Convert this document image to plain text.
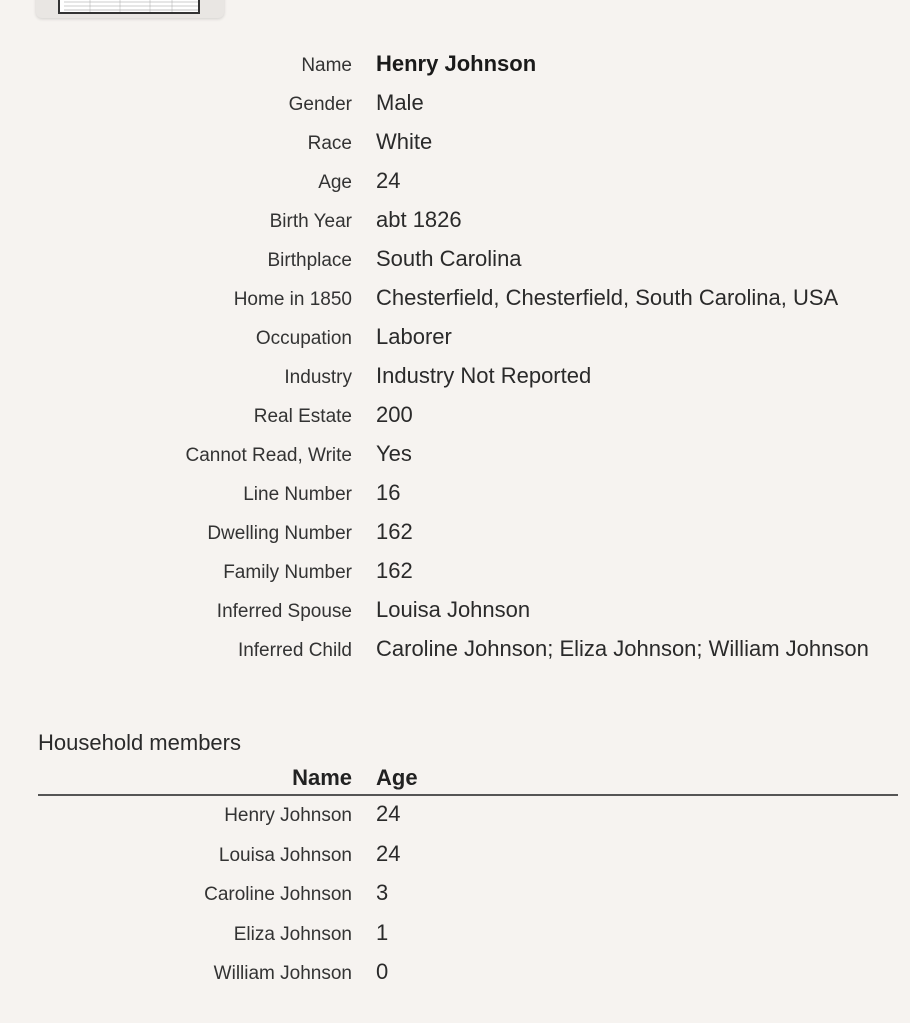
Name Henry Johnson
Gender Male
Race White
Age 24
Birth Year abt 1826
Birthplace South Carolina
Home in 1850 Chesterfield, Chesterfield, South Carolina, USA
Occupation Laborer
Industry Industry Not Reported
Real Estate 200
Cannot Read, Write Yes
Line Number 16
Dwelling Number 162
Family Number 162
Inferred Spouse Louisa Johnson
Inferred Child Caroline Johnson; Eliza Johnson; William Johnson
Household members
Name Age
Henry Johnson 24
Louisa Johnson 24
Caroline Johnson 3
Eliza Johnson 1
William Johnson 0
